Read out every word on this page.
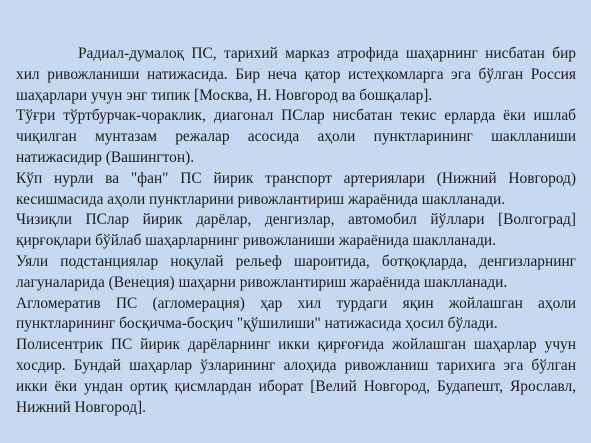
Радиал-думалоқ ПС, тарихий марказ атрофида шаҳарнинг нисбатан бир хил ривожланиши натижасида. Бир неча қатор истеҳкомларга эга бўлган Россия шаҳарлари учун энг типик [Москва, Н. Новгород ва бошқалар].

Тўғри тўртбурчак-чораклик, диагонал ПСлар нисбатан текис ерларда ёки ишлаб чиқилган мунтазам режалар асосида аҳоли пунктларининг шаклланиши натижасидир (Вашингтон).

Кўп нурли ва "фан" ПС йирик транспорт артериялари (Нижний Новгород) кесишмасида аҳоли пунктларини ривожлантириш жараёнида шаклланади.

Чизиқли ПСлар йирик дарёлар, денгизлар, автомобил йўллари [Волгоград] қирғоқлари бўйлаб шаҳарларнинг ривожланиши жараёнида шаклланади.

Уяли подстанциялар ноқулай рельеф шароитида, ботқоқларда, денгизларнинг лагуналарида (Венеция) шаҳарни ривожлантириш жараёнида шаклланади.

Агломератив ПС (агломерация) ҳар хил турдаги яқин жойлашган аҳоли пунктларининг босқичма-босқич "қўшилиши" натижасида ҳосил бўлади.

Полисентрик ПС йирик дарёларнинг икки қирғоғида жойлашган шаҳарлар учун хосдир. Бундай шаҳарлар ўзларининг алоҳида ривожланиш тарихига эга бўлган икки ёки ундан ортиқ қисмлардан иборат [Велий Новгород, Будапешт, Ярославл, Нижний Новгород].
